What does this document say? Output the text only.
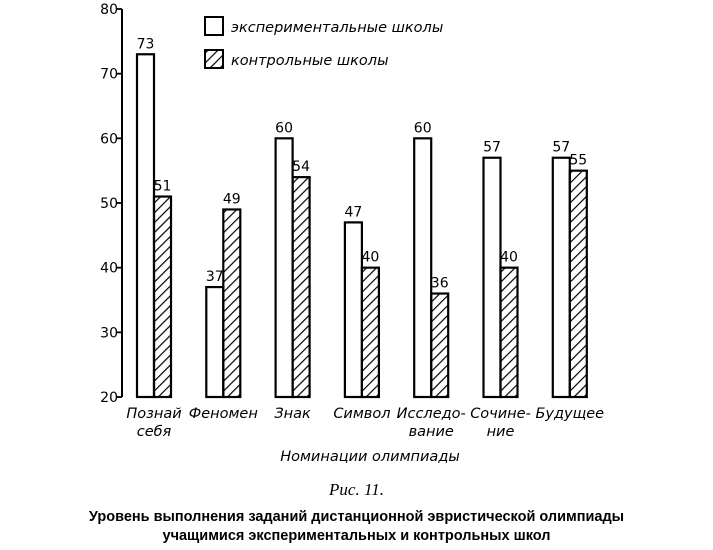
20
30
40
50
60
70
80
73
51
Познай
себя
37
49
Феномен
60
54
Знак
47
40
Символ
60
36
Исследо-
вание
57
40
Сочине-
ние
57
55
Будущее
Номинации олимпиады
экспериментальные школы
контрольные школы
Рис. 11.
Уровень выполнения заданий дистанционной эвристической олимпиады
учащимися экспериментальных и контрольных школ
